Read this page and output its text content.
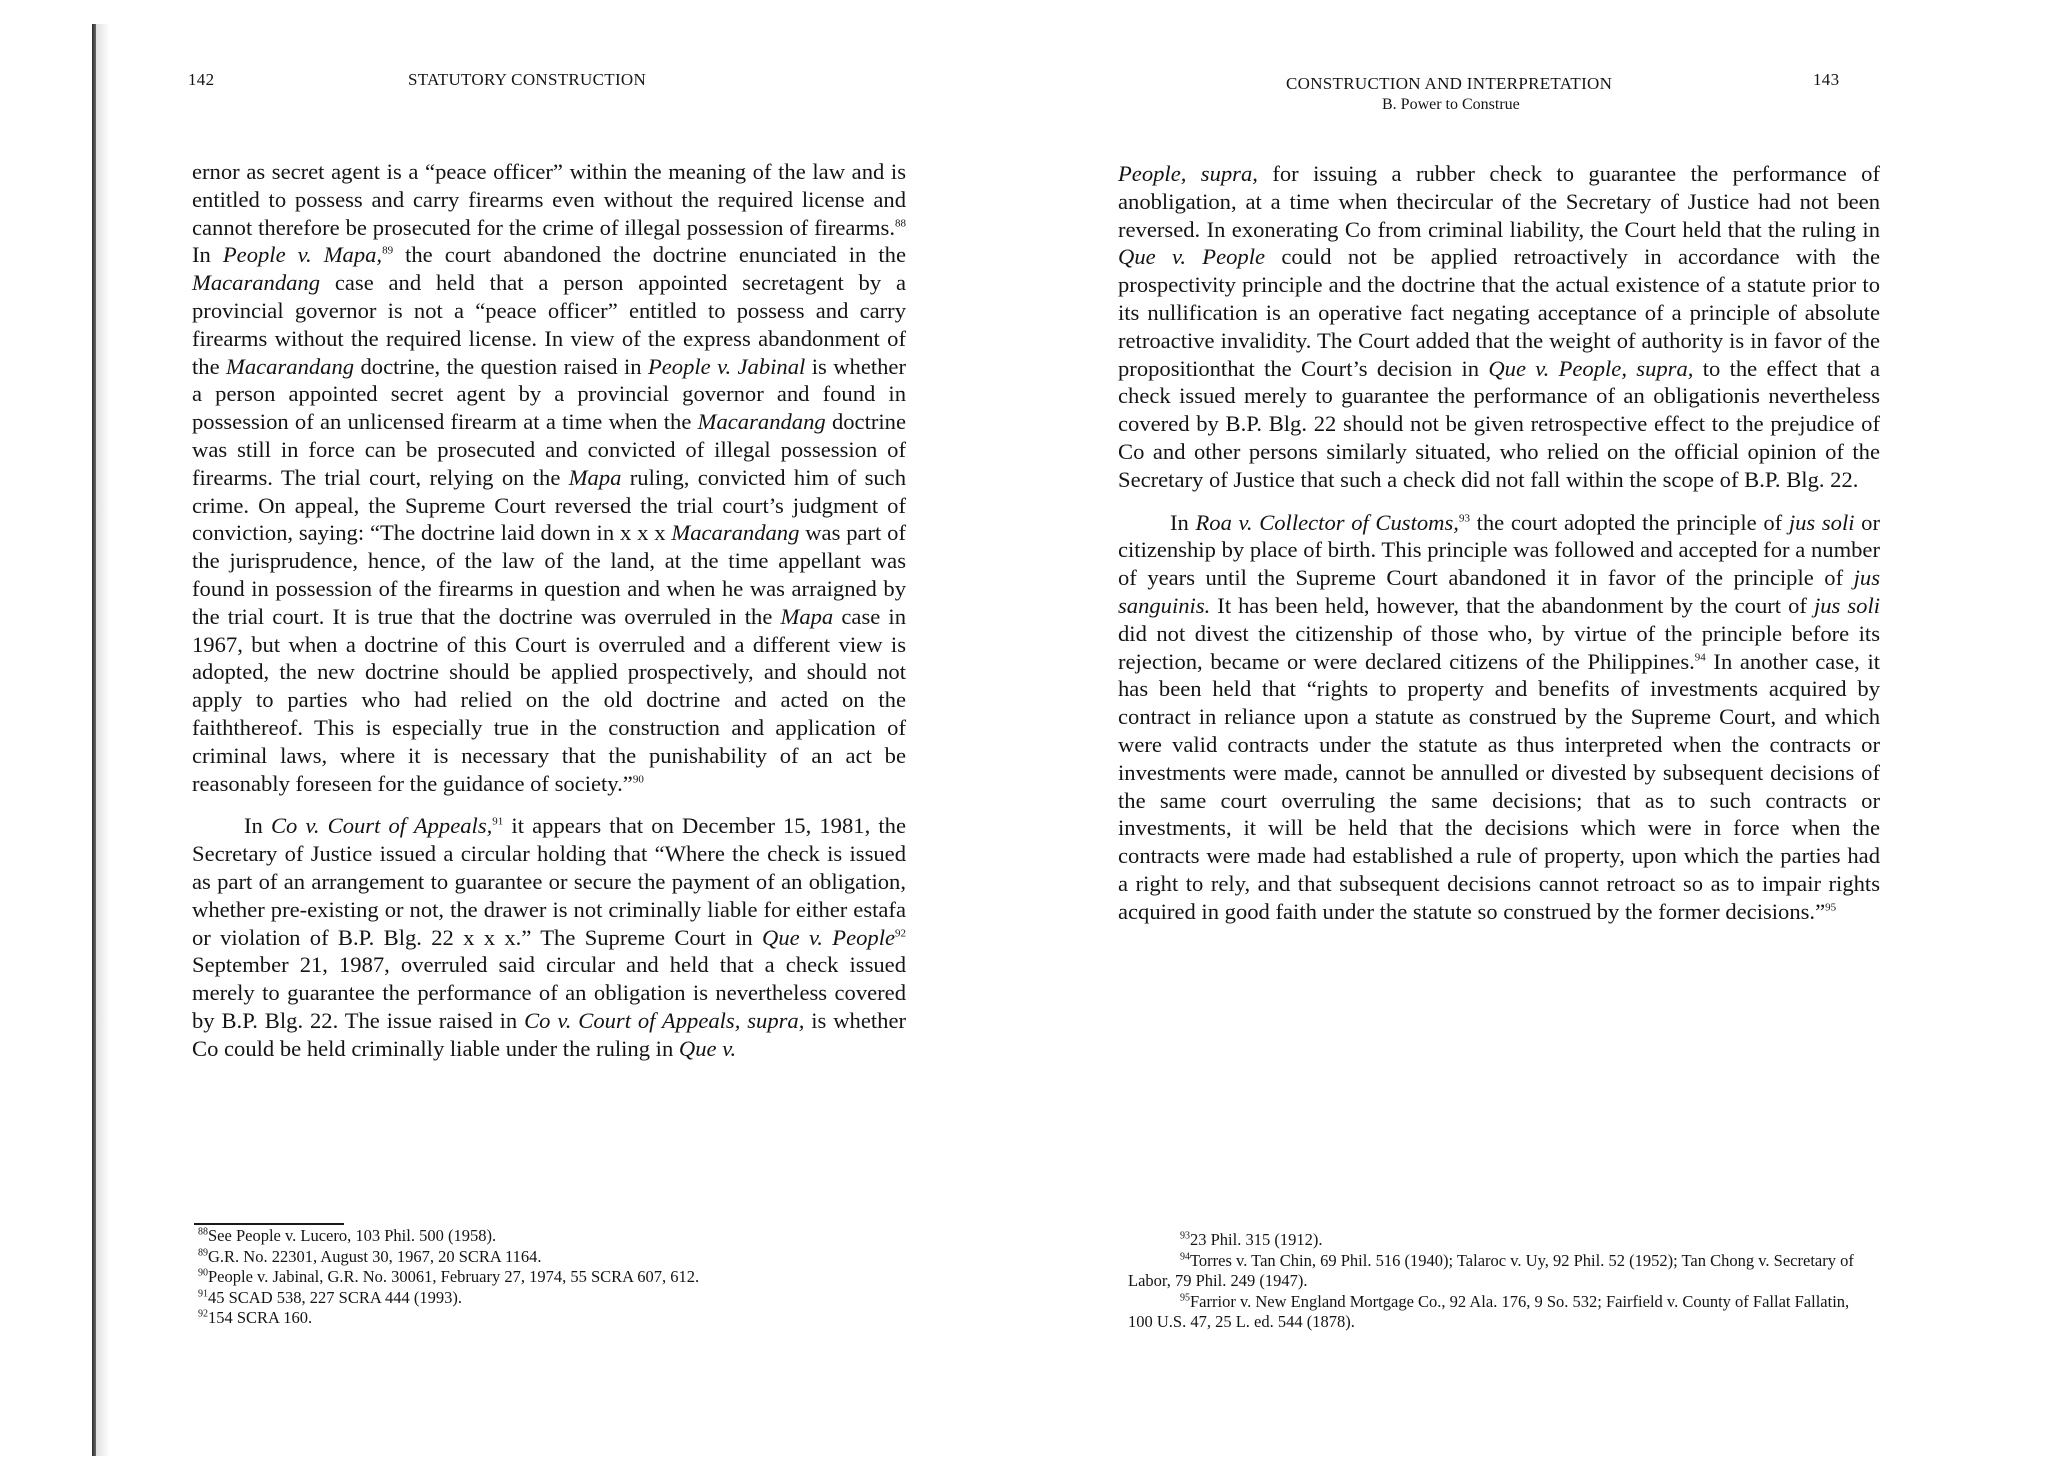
142	STATUTORY CONSTRUCTION

ernor as secret agent is a “peace officer” within the meaning of the law and is entitled to possess and carry firearms even without the required license and cannot therefore be prosecuted for the crime of illegal possession of firearms.$^{88}$ In People v. Mapa,$^{89}$ the court abandoned the doctrine enunciated in the Macarandang case and held that a person appointed secretagent by a provincial governor is not a “peace officer” entitled to possess and carry firearms without the required license. In view of the express abandonment of the Macarandang doctrine, the question raised in People v. Jabinal is whether a person appointed secret agent by a provincial governor and found in possession of an unlicensed firearm at a time when the Macarandang doctrine was still in force can be prosecuted and convicted of illegal possession of firearms. The trial court, relying on the Mapa ruling, convicted him of such crime. On appeal, the Supreme Court reversed the trial court’s judgment of conviction, saying: “The doctrine laid down in x x x Macarandang was part of the jurisprudence, hence, of the law of the land, at the time appellant was found in possession of the firearms in question and when he was arraigned by the trial court. It is true that the doctrine was overruled in the Mapa case in 1967, but when a doctrine of this Court is overruled and a different view is adopted, the new doctrine should be applied prospectively, and should not apply to parties who had relied on the old doctrine and acted on the faiththereof. This is especially true in the construction and application of criminal laws, where it is necessary that the punishability of an act be reasonably foreseen for the guidance of society.”$^{90}$

In Co v. Court of Appeals,$^{91}$ it appears that on December 15, 1981, the Secretary of Justice issued a circular holding that “Where the check is issued as part of an arrangement to guarantee or secure the payment of an obligation, whether pre-existing or not, the drawer is not criminally liable for either estafa or violation of B.P. Blg. 22 x x x.” The Supreme Court in Que v. People$^{92}$ September 21, 1987, overruled said circular and held that a check issued merely to guarantee the performance of an obligation is nevertheless covered by B.P. Blg. 22. The issue raised in Co v. Court of Appeals, supra, is whether Co could be held criminally liable under the ruling in Que v.

$^{88}$See People v. Lucero, 103 Phil. 500 (1958).

$^{89}$G.R. No. 22301, August 30, 1967, 20 SCRA 1164.

$^{90}$People v. Jabinal, G.R. No. 30061, February 27, 1974, 55 SCRA 607, 612.

$^{91}$45 SCAD 538, 227 SCRA 444 (1993).

$^{92}$154 SCRA 160.

CONSTRUCTION AND INTERPRETATION
B. Power to Construe
143

People, supra, for issuing a rubber check to guarantee the performance of anobligation, at a time when thecircular of the Secretary of Justice had not been reversed. In exonerating Co from criminal liability, the Court held that the ruling in Que v. People could not be applied retroactively in accordance with the prospectivity principle and the doctrine that the actual existence of a statute prior to its nullification is an operative fact negating acceptance of a principle of absolute retroactive invalidity. The Court added that the weight of authority is in favor of the propositionthat the Court’s decision in Que v. People, supra, to the effect that a check issued merely to guarantee the performance of an obligationis nevertheless covered by B.P. Blg. 22 should not be given retrospective effect to the prejudice of Co and other persons similarly situated, who relied on the official opinion of the Secretary of Justice that such a check did not fall within the scope of B.P. Blg. 22.

In Roa v. Collector of Customs,$^{93}$ the court adopted the principle of jus soli or citizenship by place of birth. This principle was followed and accepted for a number of years until the Supreme Court abandoned it in favor of the principle of jus sanguinis. It has been held, however, that the abandonment by the court of jus soli did not divest the citizenship of those who, by virtue of the principle before its rejection, became or were declared citizens of the Philippines.$^{94}$ In another case, it has been held that “rights to property and benefits of investments acquired by contract in reliance upon a statute as construed by the Supreme Court, and which were valid contracts under the statute as thus interpreted when the contracts or investments were made, cannot be annulled or divested by subsequent decisions of the same court overruling the same decisions; that as to such contracts or investments, it will be held that the decisions which were in force when the contracts were made had established a rule of property, upon which the parties had a right to rely, and that subsequent decisions cannot retroact so as to impair rights acquired in good faith under the statute so construed by the former decisions.”$^{95}$

$^{93}$23 Phil. 315 (1912).

$^{94}$Torres v. Tan Chin, 69 Phil. 516 (1940); Talaroc v. Uy, 92 Phil. 52 (1952); Tan Chong v. Secretary of Labor, 79 Phil. 249 (1947).

$^{95}$Farrior v. New England Mortgage Co., 92 Ala. 176, 9 So. 532; Fairfield v. County of Fallat Fallatin, 100 U.S. 47, 25 L. ed. 544 (1878).
